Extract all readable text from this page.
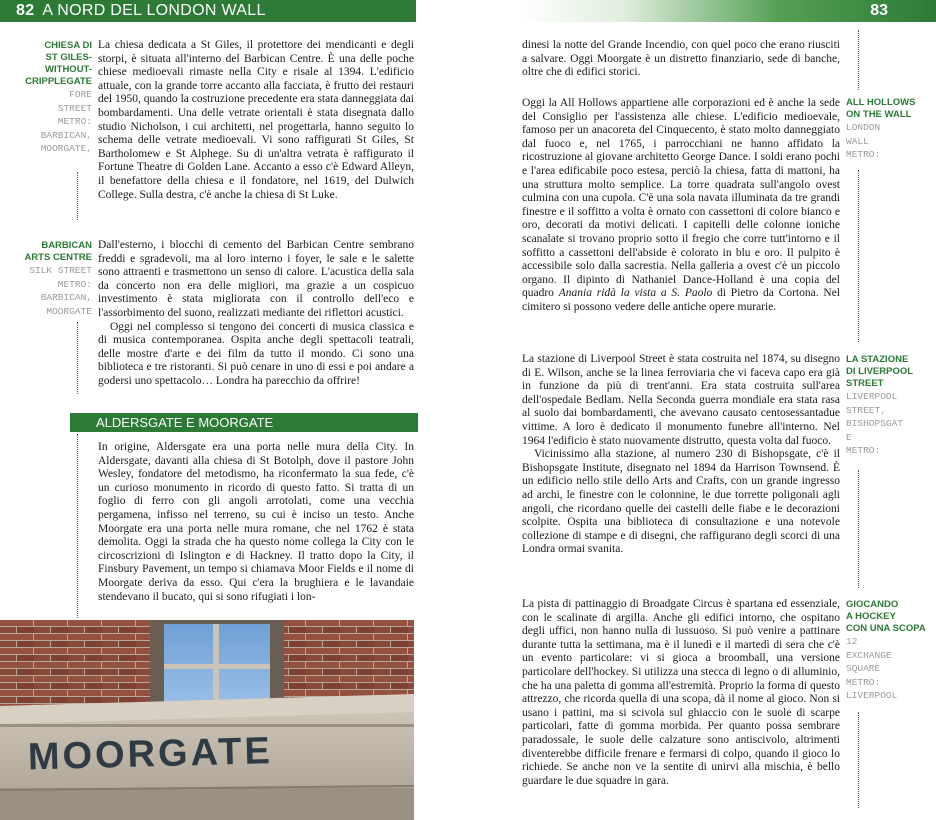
82 A NORD DEL LONDON WALL	83
CHIESA DI
ST GILES-
WITHOUT-
CRIPPLEGATE
FORE
STREET
METRO:
BARBICAN,
MOORGATE,
BARBICAN
ARTS CENTRE
SILK STREET
METRO:
BARBICAN,
MOORGATE

La chiesa dedicata a St Giles, il protettore dei mendicanti e degli storpi, è situata all'interno del Barbican Centre. È una delle poche chiese medioevali rimaste nella City e risale al 1394. L'edificio attuale, con la grande torre accanto alla facciata, è frutto dei restauri del 1950, quando la costruzione precedente era stata danneggiata dai bombardamenti. Una delle vetrate orientali è stata disegnata dallo studio Nicholson, i cui architetti, nel progettarla, hanno seguito lo schema delle vetrate medioevali. Vi sono raffigurati St Giles, St Bartholomew e St Alphege. Su di un'altra vetrata è raffigurato il Fortune Theatre di Golden Lane. Accanto a esso c'è Edward Alleyn, il benefattore della chiesa e il fondatore, nel 1619, del Dulwich College. Sulla destra, c'è anche la chiesa di St Luke.

Dall'esterno, i blocchi di cemento del Barbican Centre sembrano freddi e sgradevoli, ma al loro interno i foyer, le sale e le salette sono attraenti e trasmettono un senso di calore. L'acustica della sala da concerto non era delle migliori, ma grazie a un cospicuo investimento è stata migliorata con il controllo dell'eco e l'assorbimento del suono, realizzati mediante dei riflettori acustici.

Oggi nel complesso si tengono dei concerti di musica classica e di musica contemporanea. Ospita anche degli spettacoli teatrali, delle mostre d'arte e dei film da tutto il mondo. Ci sono una biblioteca e tre ristoranti. Si può cenare in uno di essi e poi andare a godersi uno spettacolo… Londra ha parecchio da offrire!

ALDERSGATE E MOORGATE

In origine, Aldersgate era una porta nelle mura della City. In Aldersgate, davanti alla chiesa di St Botolph, dove il pastore John Wesley, fondatore del metodismo, ha riconfermato la sua fede, c'è un curioso monumento in ricordo di questo fatto. Si tratta di un foglio di ferro con gli angoli arrotolati, come una vecchia pergamena, infisso nel terreno, su cui è inciso un testo. Anche Moorgate era una porta nelle mura romane, che nel 1762 è stata demolita. Oggi la strada che ha questo nome collega la City con le circoscrizioni di Islington e di Hackney. Il tratto dopo la City, il Finsbury Pavement, un tempo si chiamava Moor Fields e il nome di Moorgate deriva da esso. Qui c'era la brughiera e le lavandaie stendevano il bucato, qui si sono rifugiati i lon-

MOORGATE

dinesi la notte del Grande Incendio, con quel poco che erano riusciti a salvare. Oggi Moorgate è un distretto finanziario, sede di banche, oltre che di edifici storici.

Oggi la All Hollows appartiene alle corporazioni ed è anche la sede del Consiglio per l'assistenza alle chiese. L'edificio medioevale, famoso per un anacoreta del Cinquecento, è stato molto danneggiato dal fuoco e, nel 1765, i parrocchiani ne hanno affidato la ricostruzione al giovane architetto George Dance. I soldi erano pochi e l'area edificabile poco estesa, perciò la chiesa, fatta di mattoni, ha una struttura molto semplice. La torre quadrata sull'angolo ovest culmina con una cupola. C'è una sola navata illuminata da tre grandi finestre e il soffitto a volta è ornato con cassettoni di colore bianco e oro, decorati da motivi delicati. I capitelli delle colonne ioniche scanalate si trovano proprio sotto il fregio che corre tutt'intorno e il soffitto a cassettoni dell'abside è colorato in blu e oro. Il pulpito è accessibile solo dalla sacrestia. Nella galleria a ovest c'è un piccolo organo. Il dipinto di Nathaniel Dance-Holland è una copia del quadro Anania ridà la vista a S. Paolo di Pietro da Cortona. Nel cimitero si possono vedere delle antiche opere murarie.

La stazione di Liverpool Street è stata costruita nel 1874, su disegno di E. Wilson, anche se la linea ferroviaria che vi faceva capo era già in funzione da più di trent'anni. Era stata costruita sull'area dell'ospedale Bedlam. Nella Seconda guerra mondiale era stata rasa al suolo dai bombardamenti, che avevano causato centosessantadue vittime. A loro è dedicato il monumento funebre all'interno. Nel 1964 l'edificio è stato nuovamente distrutto, questa volta dal fuoco.

Vicinissimo alla stazione, al numero 230 di Bishopsgate, c'è il Bishopsgate Institute, disegnato nel 1894 da Harrison Townsend. È un edificio nello stile dello Arts and Crafts, con un grande ingresso ad archi, le finestre con le colonnine, le due torrette poligonali agli angoli, che ricordano quelle dei castelli delle fiabe e le decorazioni scolpite. Ospita una biblioteca di consultazione e una notevole collezione di stampe e di disegni, che raffigurano degli scorci di una Londra ormai svanita.

La pista di pattinaggio di Broadgate Circus è spartana ed essenziale, con le scalinate di argilla. Anche gli edifici intorno, che ospitano degli uffici, non hanno nulla di lussuoso. Si può venire a pattinare durante tutta la settimana, ma è il lunedì e il martedì di sera che c'è un evento particolare: vi si gioca a broomball, una versione particolare dell'hockey. Si utilizza una stecca di legno o di alluminio, che ha una paletta di gomma all'estremità. Proprio la forma di questo attrezzo, che ricorda quella di una scopa, dà il nome al gioco. Non si usano i pattini, ma si scivola sul ghiaccio con le suole di scarpe particolari, fatte di gomma morbida. Per quanto possa sembrare paradossale, le suole delle calzature sono antiscivolo, altrimenti diventerebbe difficile frenare e fermarsi di colpo, quando il gioco lo richiede. Se anche non ve la sentite di unirvi alla mischia, è bello guardare le due squadre in gara.

ALL HOLLOWS
ON THE WALL
LONDON
WALL
METRO:
LA STAZIONE
DI LIVERPOOL
STREET
LIVERPOOL
STREET,
BISHOPSGAT
E
METRO:
GIOCANDO
A HOCKEY
CON UNA SCOPA
12
EXCHANGE
SQUARE
METRO:
LIVERPOOL
